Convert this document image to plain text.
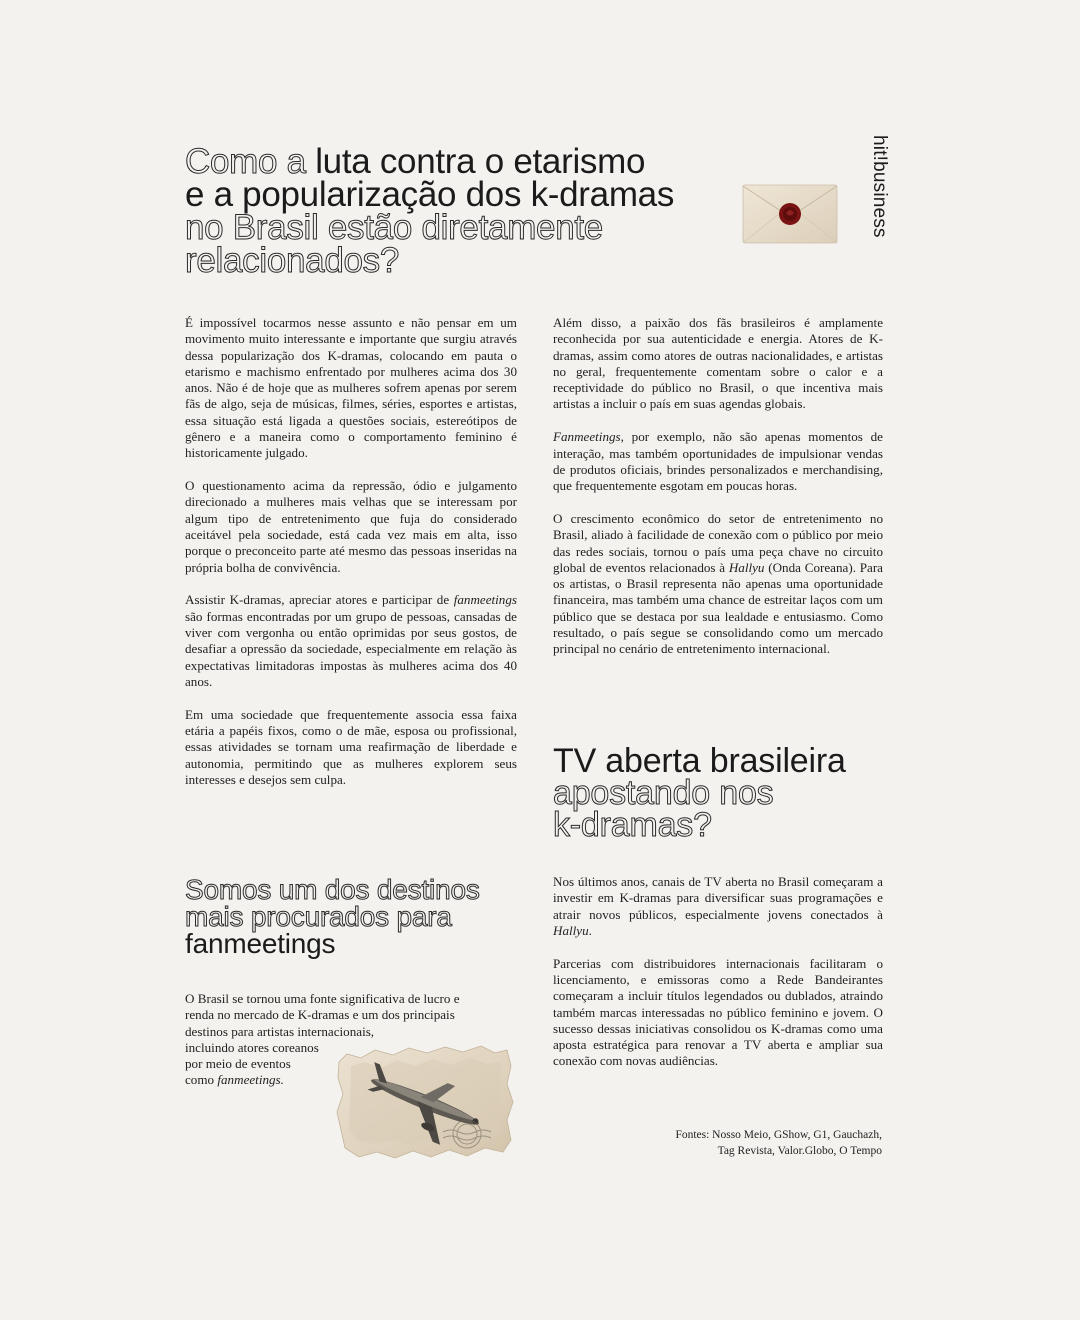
Como a luta contra o etarismo
e a popularização dos k-dramas
no Brasil estão diretamente
relacionados?
hit!business

É impossível tocarmos nesse assunto e não pensar em um movimento muito interessante e importante que surgiu através dessa popularização dos K-dramas, colocando em pauta o etarismo e machismo enfrentado por mulheres acima dos 30 anos. Não é de hoje que as mulheres sofrem apenas por serem fãs de algo, seja de músicas, filmes, séries, esportes e artistas, essa situação está ligada a questões sociais, estereótipos de gênero e a maneira como o comportamento feminino é historicamente julgado.

O questionamento acima da repressão, ódio e julgamento direcionado a mulheres mais velhas que se interessam por algum tipo de entretenimento que fuja do considerado aceitável pela sociedade, está cada vez mais em alta, isso porque o preconceito parte até mesmo das pessoas inseridas na própria bolha de convivência.

Assistir K-dramas, apreciar atores e participar de fanmeetings são formas encontradas por um grupo de pessoas, cansadas de viver com vergonha ou então oprimidas por seus gostos, de desafiar a opressão da sociedade, especialmente em relação às expectativas limitadoras impostas às mulheres acima dos 40 anos.

Em uma sociedade que frequentemente associa essa faixa etária a papéis fixos, como o de mãe, esposa ou profissional, essas atividades se tornam uma reafirmação de liberdade e autonomia, permitindo que as mulheres explorem seus interesses e desejos sem culpa.

Somos um dos destinos
mais procurados para
fanmeetings

O Brasil se tornou uma fonte significativa de lucro e
renda no mercado de K-dramas e um dos principais
destinos para artistas internacionais,
incluindo atores coreanos
por meio de eventos
como fanmeetings.

Além disso, a paixão dos fãs brasileiros é amplamente reconhecida por sua autenticidade e energia. Atores de K-dramas, assim como atores de outras nacionalidades, e artistas no geral, frequentemente comentam sobre o calor e a receptividade do público no Brasil, o que incentiva mais artistas a incluir o país em suas agendas globais.

Fanmeetings, por exemplo, não são apenas momentos de interação, mas também oportunidades de impulsionar vendas de produtos oficiais, brindes personalizados e merchandising, que frequentemente esgotam em poucas horas.

O crescimento econômico do setor de entretenimento no Brasil, aliado à facilidade de conexão com o público por meio das redes sociais, tornou o país uma peça chave no circuito global de eventos relacionados à Hallyu (Onda Coreana). Para os artistas, o Brasil representa não apenas uma oportunidade financeira, mas também uma chance de estreitar laços com um público que se destaca por sua lealdade e entusiasmo. Como resultado, o país segue se consolidando como um mercado principal no cenário de entretenimento internacional.

TV aberta brasileira
apostando nos
k-dramas?

Nos últimos anos, canais de TV aberta no Brasil começaram a investir em K-dramas para diversificar suas programações e atrair novos públicos, especialmente jovens conectados à Hallyu.

Parcerias com distribuidores internacionais facilitaram o licenciamento, e emissoras como a Rede Bandeirantes começaram a incluir títulos legendados ou dublados, atraindo também marcas interessadas no público feminino e jovem. O sucesso dessas iniciativas consolidou os K-dramas como uma aposta estratégica para renovar a TV aberta e ampliar sua conexão com novas audiências.

Fontes: Nosso Meio, GShow, G1, Gauchazh,
Tag Revista, Valor.Globo, O Tempo
